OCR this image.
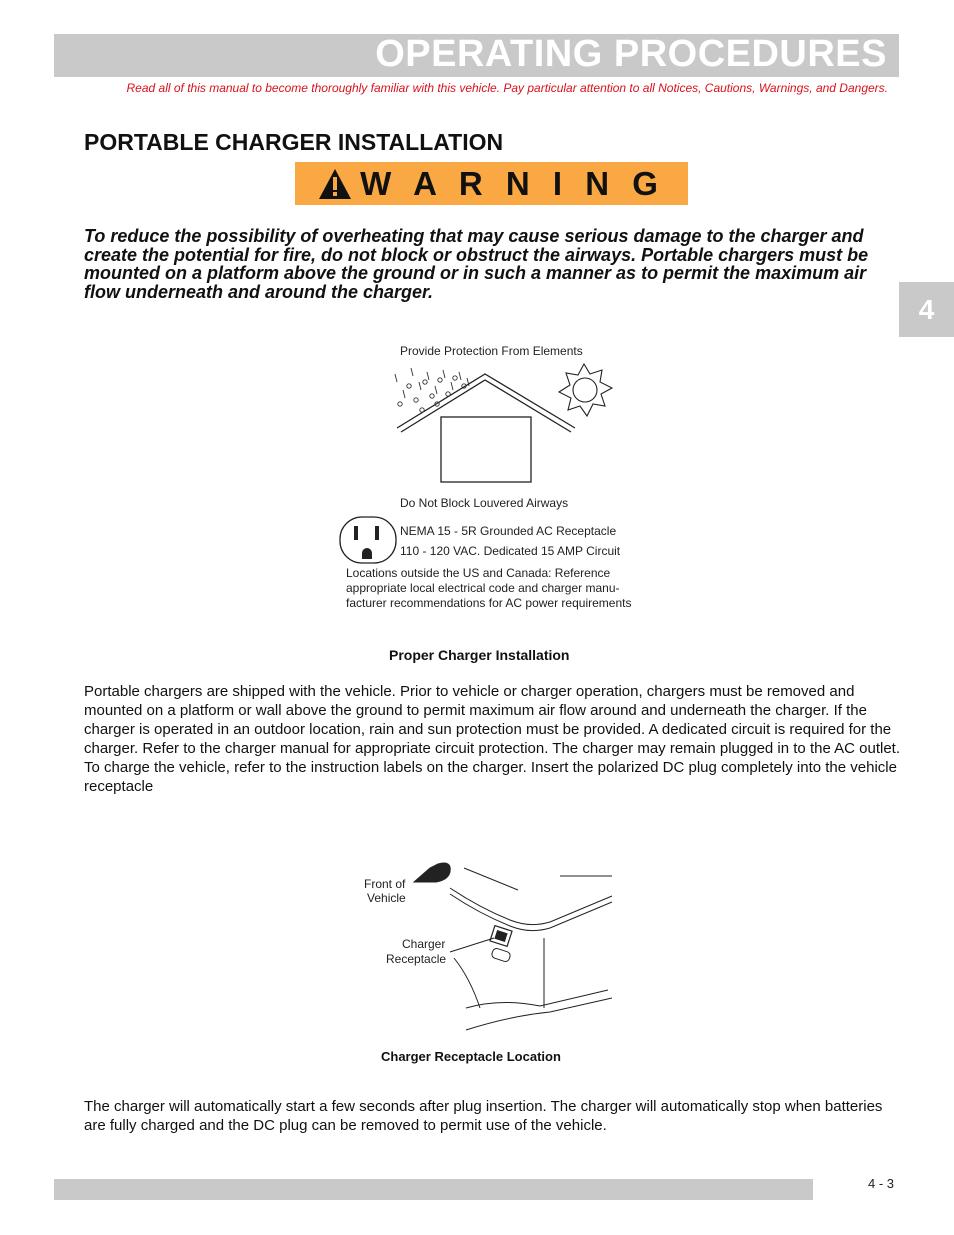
OPERATING PROCEDURES
Read all of this manual to become thoroughly familiar with this vehicle. Pay particular attention to all Notices, Cautions, Warnings, and Dangers.
PORTABLE CHARGER INSTALLATION
W A R N I N G

To reduce the possibility of overheating that may cause serious damage to the charger and create the potential for fire, do not block or obstruct the airways. Portable chargers must be mounted on a platform above the ground or in such a manner as to permit the maximum air flow underneath and around the charger.

4
Provide Protection From Elements
Do Not Block Louvered Airways
NEMA 15 - 5R Grounded AC Receptacle
110 - 120 VAC. Dedicated 15 AMP Circuit
Locations outside the US and Canada: Reference
appropriate local electrical code and charger manu-
facturer recommendations for AC power requirements
Proper Charger Installation

Portable chargers are shipped with the vehicle. Prior to vehicle or charger operation, chargers must be removed and mounted on a platform or wall above the ground to permit maximum air flow around and underneath the charger. If the charger is operated in an outdoor location, rain and sun protection must be provided. A dedicated circuit is required for the charger. Refer to the charger manual for appropriate circuit protection. The charger may remain plugged in to the AC outlet. To charge the vehicle, refer to the instruction labels on the charger. Insert the polarized DC plug completely into the vehicle receptacle

Front of
Vehicle
Charger
Receptacle
Charger Receptacle Location

The charger will automatically start a few seconds after plug insertion. The charger will automatically stop when batteries are fully charged and the DC plug can be removed to permit use of the vehicle.

4 - 3
